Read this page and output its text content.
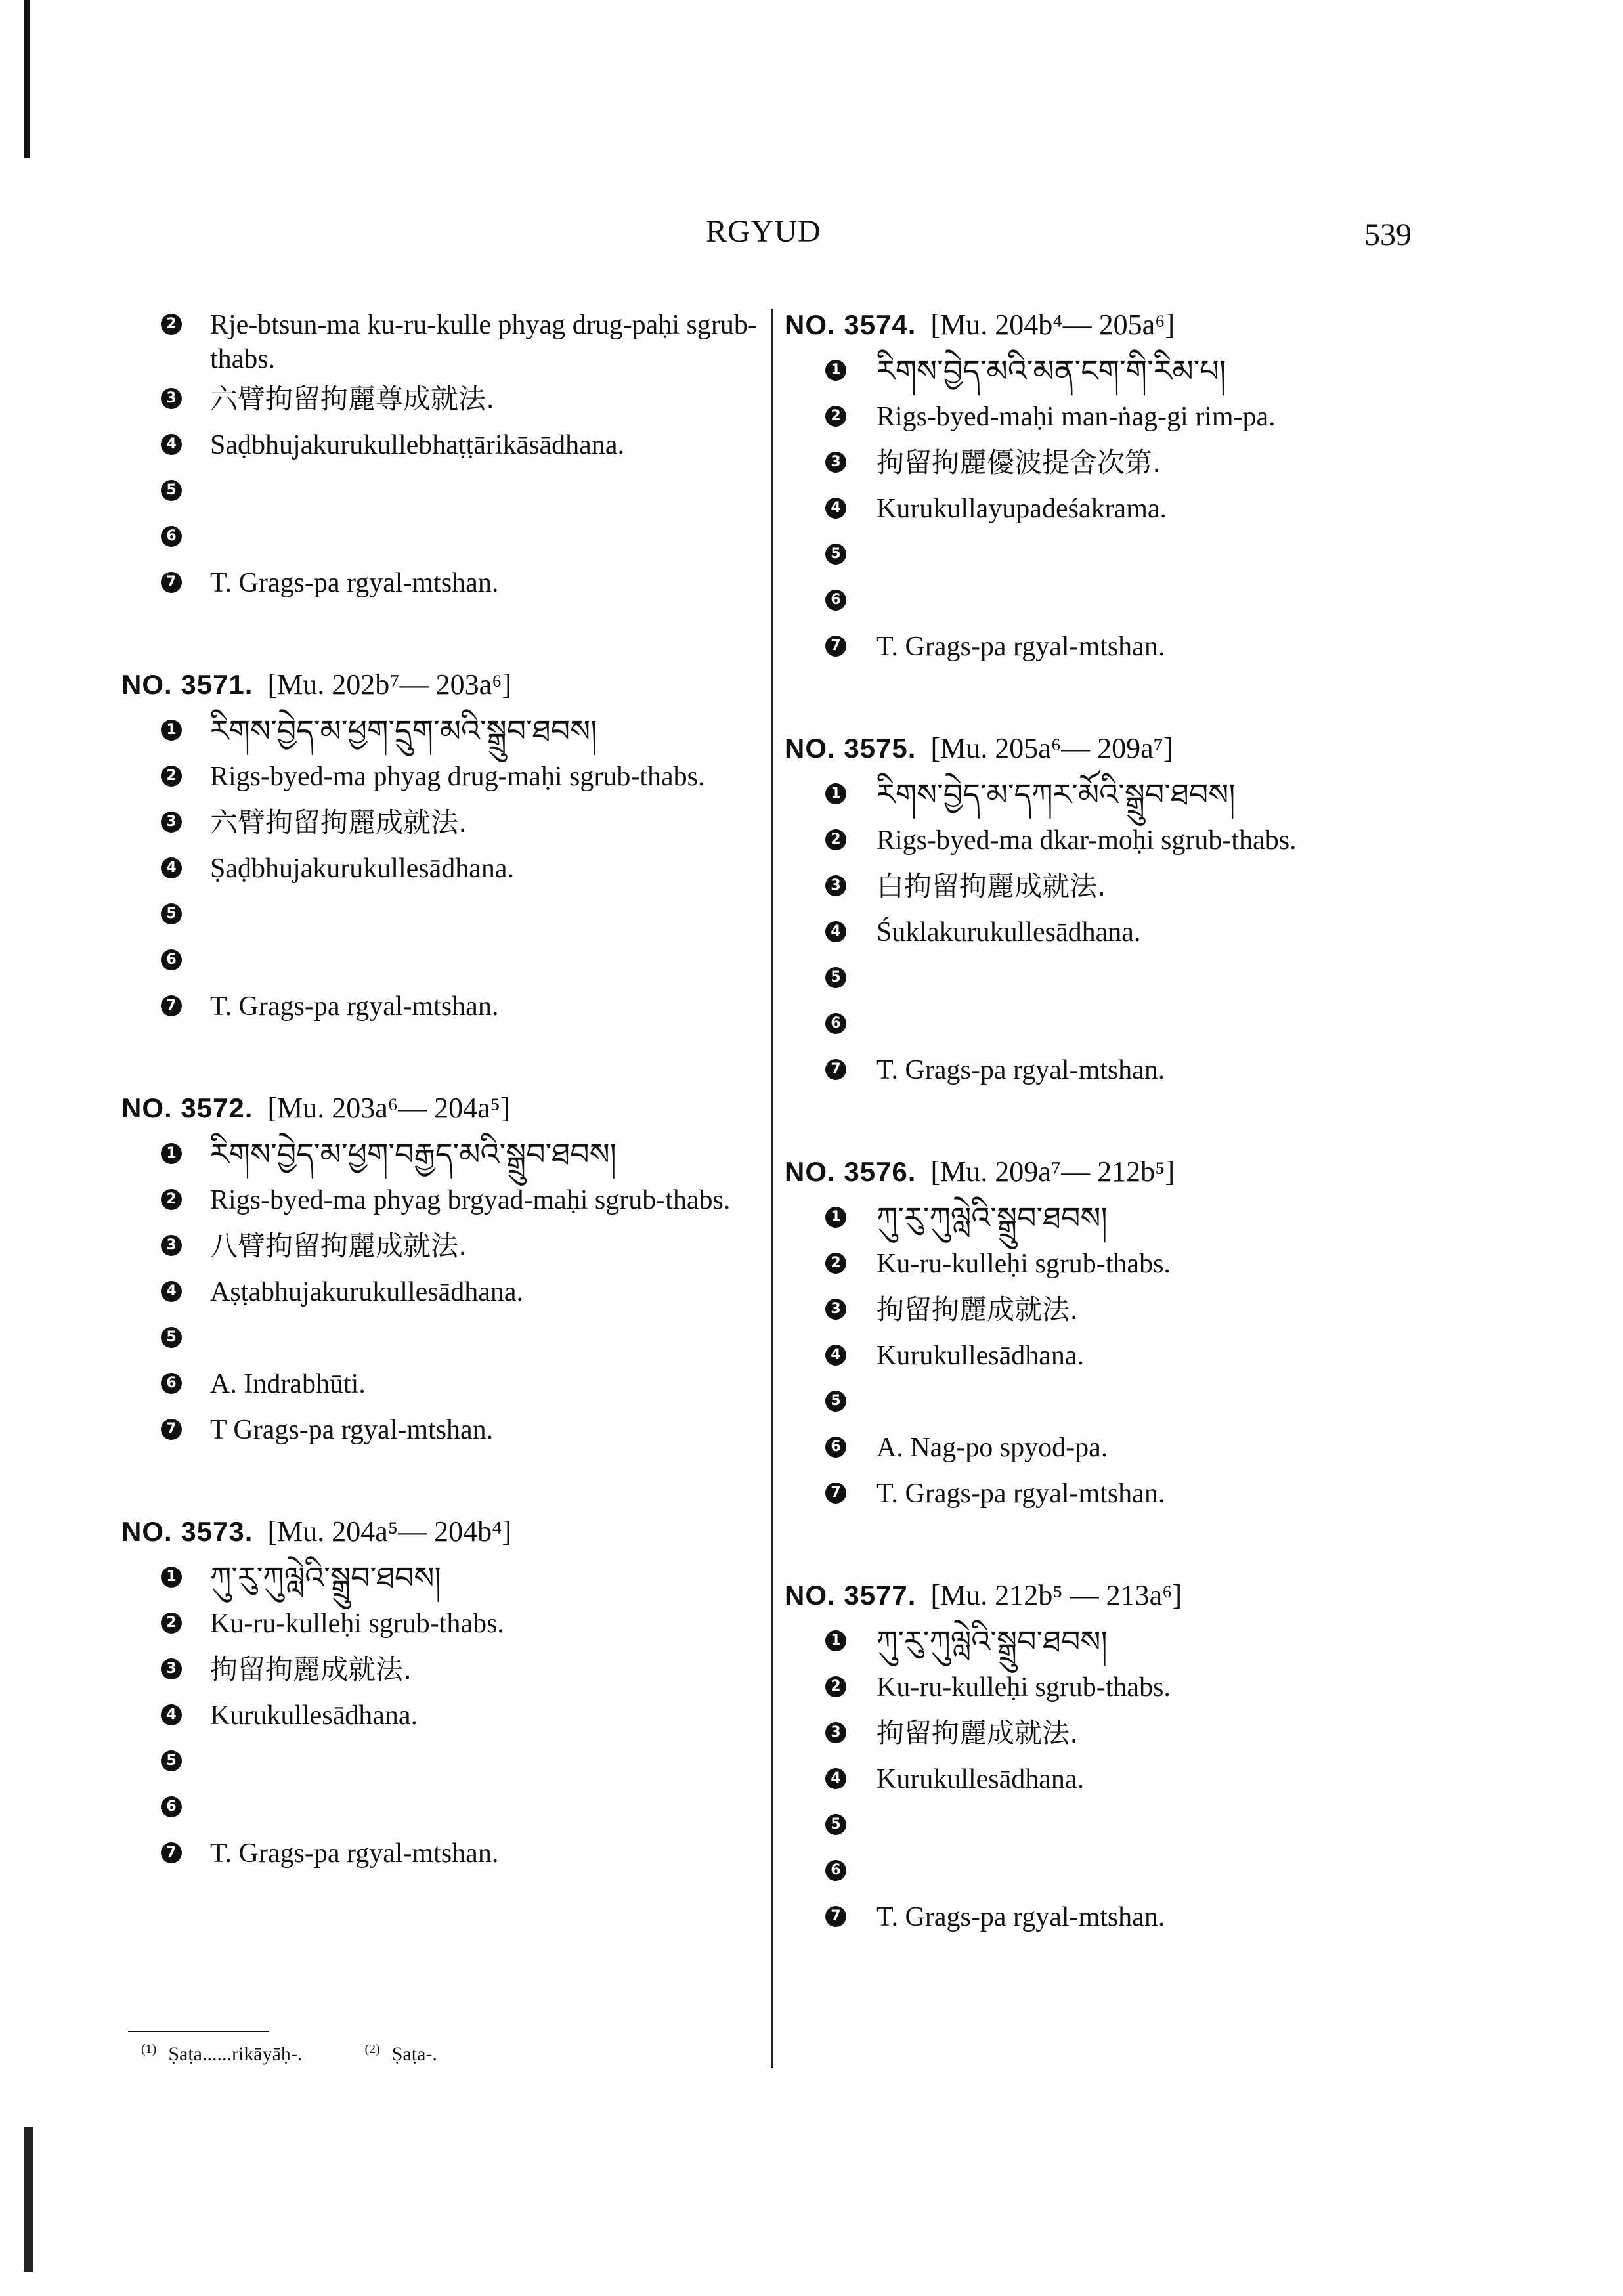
RGYUD	539
2 Rje-btsun-ma ku-ru-kulle phyag drug-paḥi sgrub-thabs.
3 六臂拘留拘麗尊成就法.
4 Saḍbhujakurukullebhaṭṭārikāsādhana.
5
6
7 T. Grags-pa rgyal-mtshan.
NO. 3571. [Mu. 202b⁷— 203a⁶]
1 རིགས་བྱེད་མ་ཕྱག་དྲུག་མའི་སྒྲུབ་ཐབས།
2 Rigs-byed-ma phyag drug-maḥi sgrub-thabs.
3 六臂拘留拘麗成就法.
4 Ṣaḍbhujakurukullesādhana.
5
6
7 T. Grags-pa rgyal-mtshan.
NO. 3572. [Mu. 203a⁶— 204a⁵]
1 རིགས་བྱེད་མ་ཕྱག་བརྒྱད་མའི་སྒྲུབ་ཐབས།
2 Rigs-byed-ma phyag brgyad-maḥi sgrub-thabs.
3 八臂拘留拘麗成就法.
4 Aṣṭabhujakurukullesādhana.
5
6 A. Indrabhūti.
7 T Grags-pa rgyal-mtshan.
NO. 3573. [Mu. 204a⁵— 204b⁴]
1 ཀུ་རུ་ཀུལླེའི་སྒྲུབ་ཐབས།
2 Ku-ru-kulleḥi sgrub-thabs.
3 拘留拘麗成就法.
4 Kurukullesādhana.
5
6
7 T. Grags-pa rgyal-mtshan.
NO. 3574. [Mu. 204b⁴— 205a⁶]
1 རིགས་བྱེད་མའི་མན་ངག་གི་རིམ་པ།
2 Rigs-byed-maḥi man-ṅag-gi rim-pa.
3 拘留拘麗優波提舍次第.
4 Kurukullayupadeśakrama.
5
6
7 T. Grags-pa rgyal-mtshan.
NO. 3575. [Mu. 205a⁶— 209a⁷]
1 རིགས་བྱེད་མ་དཀར་མོའི་སྒྲུབ་ཐབས།
2 Rigs-byed-ma dkar-moḥi sgrub-thabs.
3 白拘留拘麗成就法.
4 Śuklakurukullesādhana.
5
6
7 T. Grags-pa rgyal-mtshan.
NO. 3576. [Mu. 209a⁷— 212b⁵]
1 ཀུ་རུ་ཀུལླེའི་སྒྲུབ་ཐབས།
2 Ku-ru-kulleḥi sgrub-thabs.
3 拘留拘麗成就法.
4 Kurukullesādhana.
5
6 A. Nag-po spyod-pa.
7 T. Grags-pa rgyal-mtshan.
NO. 3577. [Mu. 212b⁵ — 213a⁶]
1 ཀུ་རུ་ཀུལླེའི་སྒྲུབ་ཐབས།
2 Ku-ru-kulleḥi sgrub-thabs.
3 拘留拘麗成就法.
4 Kurukullesādhana.
5
6
7 T. Grags-pa rgyal-mtshan.
$^{(1)}$ Ṣaṭa......rikāyāḥ-.	$^{(2)}$ Ṣaṭa-.
